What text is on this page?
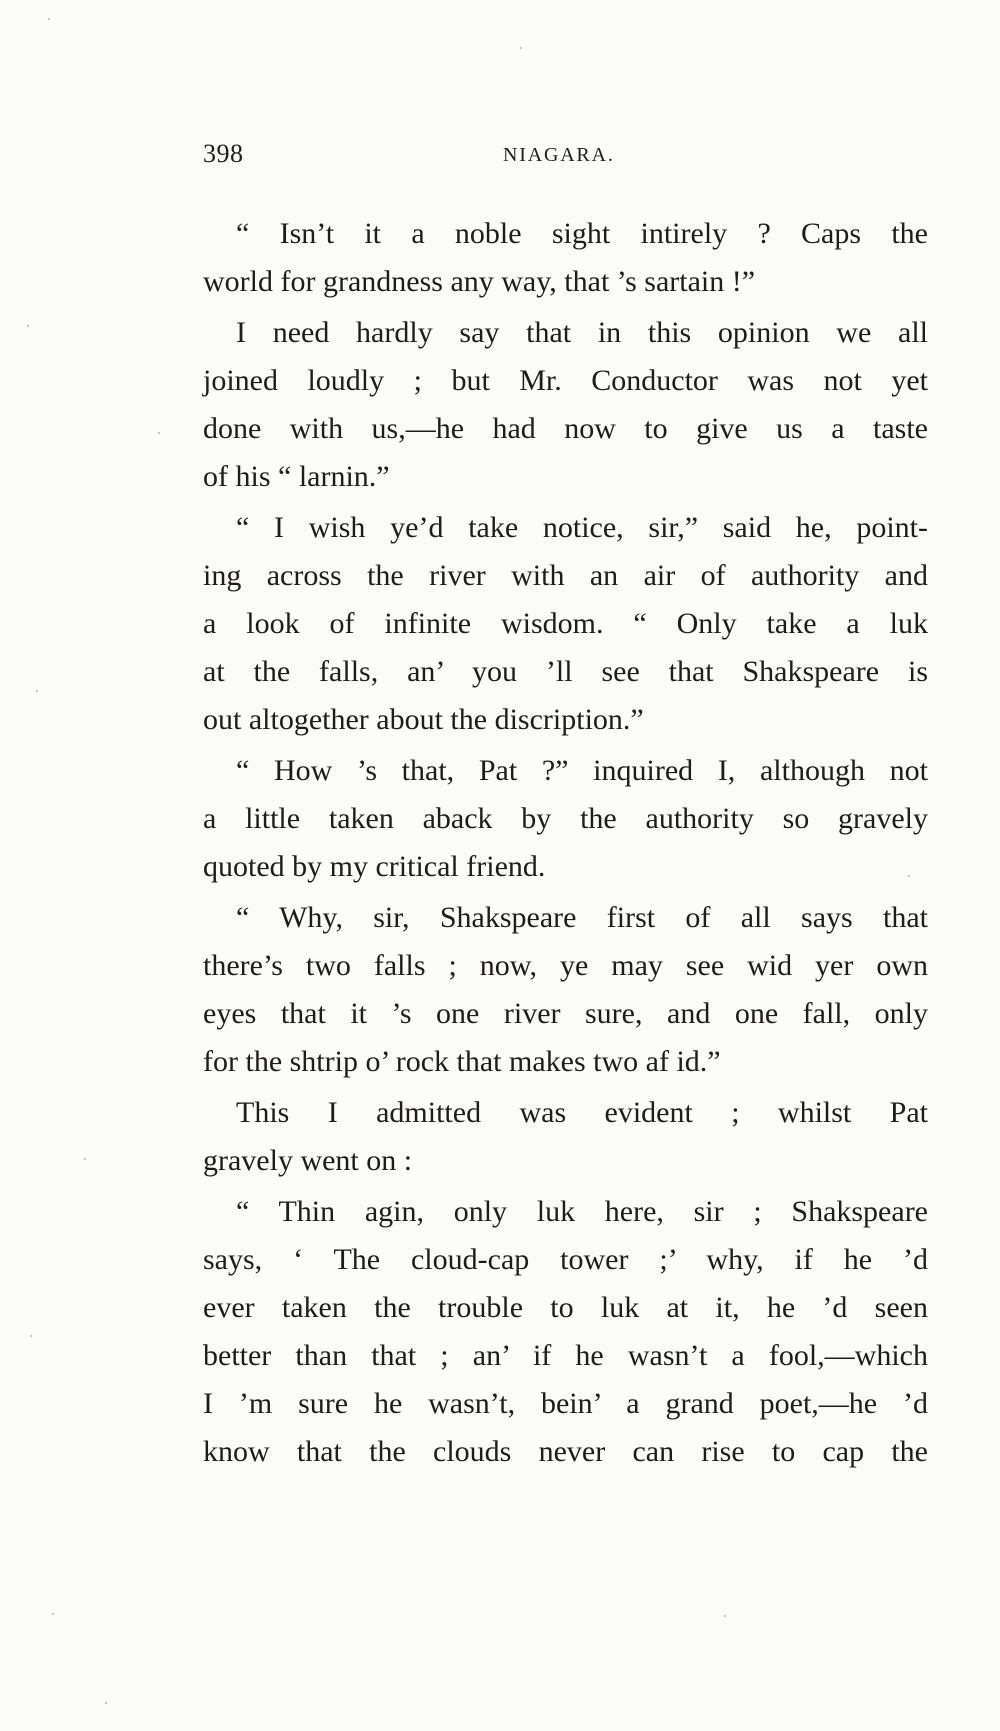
398	NIAGARA.

“ Isn’t it a noble sight intirely ? Caps the
world for grandness any way, that ’s sartain !”

I need hardly say that in this opinion we all
joined loudly ; but Mr. Conductor was not yet
done with us,—he had now to give us a taste
of his “ larnin.”

“ I wish ye’d take notice, sir,” said he, point-
ing across the river with an air of authority and
a look of infinite wisdom. “ Only take a luk
at the falls, an’ you ’ll see that Shakspeare is
out altogether about the discription.”

“ How ’s that, Pat ?” inquired I, although not
a little taken aback by the authority so gravely
quoted by my critical friend.

“ Why, sir, Shakspeare first of all says that
there’s two falls ; now, ye may see wid yer own
eyes that it ’s one river sure, and one fall, only
for the shtrip o’ rock that makes two af id.”

This I admitted was evident ; whilst Pat
gravely went on :

“ Thin agin, only luk here, sir ; Shakspeare
says, ‘ The cloud-cap tower ;’ why, if he ’d
ever taken the trouble to luk at it, he ’d seen
better than that ; an’ if he wasn’t a fool,—which
I ’m sure he wasn’t, bein’ a grand poet,—he ’d
know that the clouds never can rise to cap the
